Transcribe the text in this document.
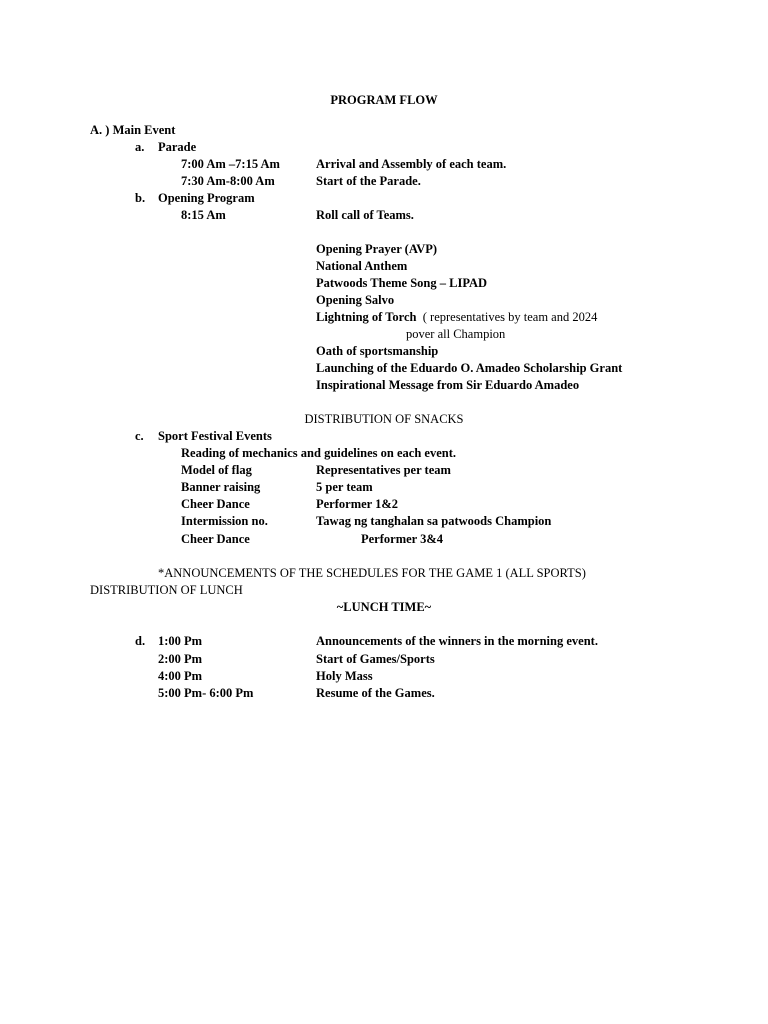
PROGRAM FLOW
A. ) Main Event
a. Parade
7:00 Am –7:15 Am	Arrival and Assembly of each team.
7:30 Am-8:00 Am	Start of the Parade.
b. Opening Program
8:15 Am	Roll call of Teams.
Opening Prayer (AVP)
National Anthem
Patwoods Theme Song – LIPAD
Opening Salvo
Lightning of Torch ( representatives by team and 2024
pover all Champion
Oath of sportsmanship
Launching of the Eduardo O. Amadeo Scholarship Grant
Inspirational Message from Sir Eduardo Amadeo
DISTRIBUTION OF SNACKS
c. Sport Festival Events
Reading of mechanics and guidelines on each event.
Model of flag	Representatives per team
Banner raising	5 per team
Cheer Dance	Performer 1&2
Intermission no.	Tawag ng tanghalan sa patwoods Champion
Cheer Dance	Performer 3&4
*ANNOUNCEMENTS OF THE SCHEDULES FOR THE GAME 1 (ALL SPORTS)
DISTRIBUTION OF LUNCH
~LUNCH TIME~
d. 1:00 Pm	Announcements of the winners in the morning event.
2:00 Pm	Start of Games/Sports
4:00 Pm	Holy Mass
5:00 Pm- 6:00 Pm	Resume of the Games.
